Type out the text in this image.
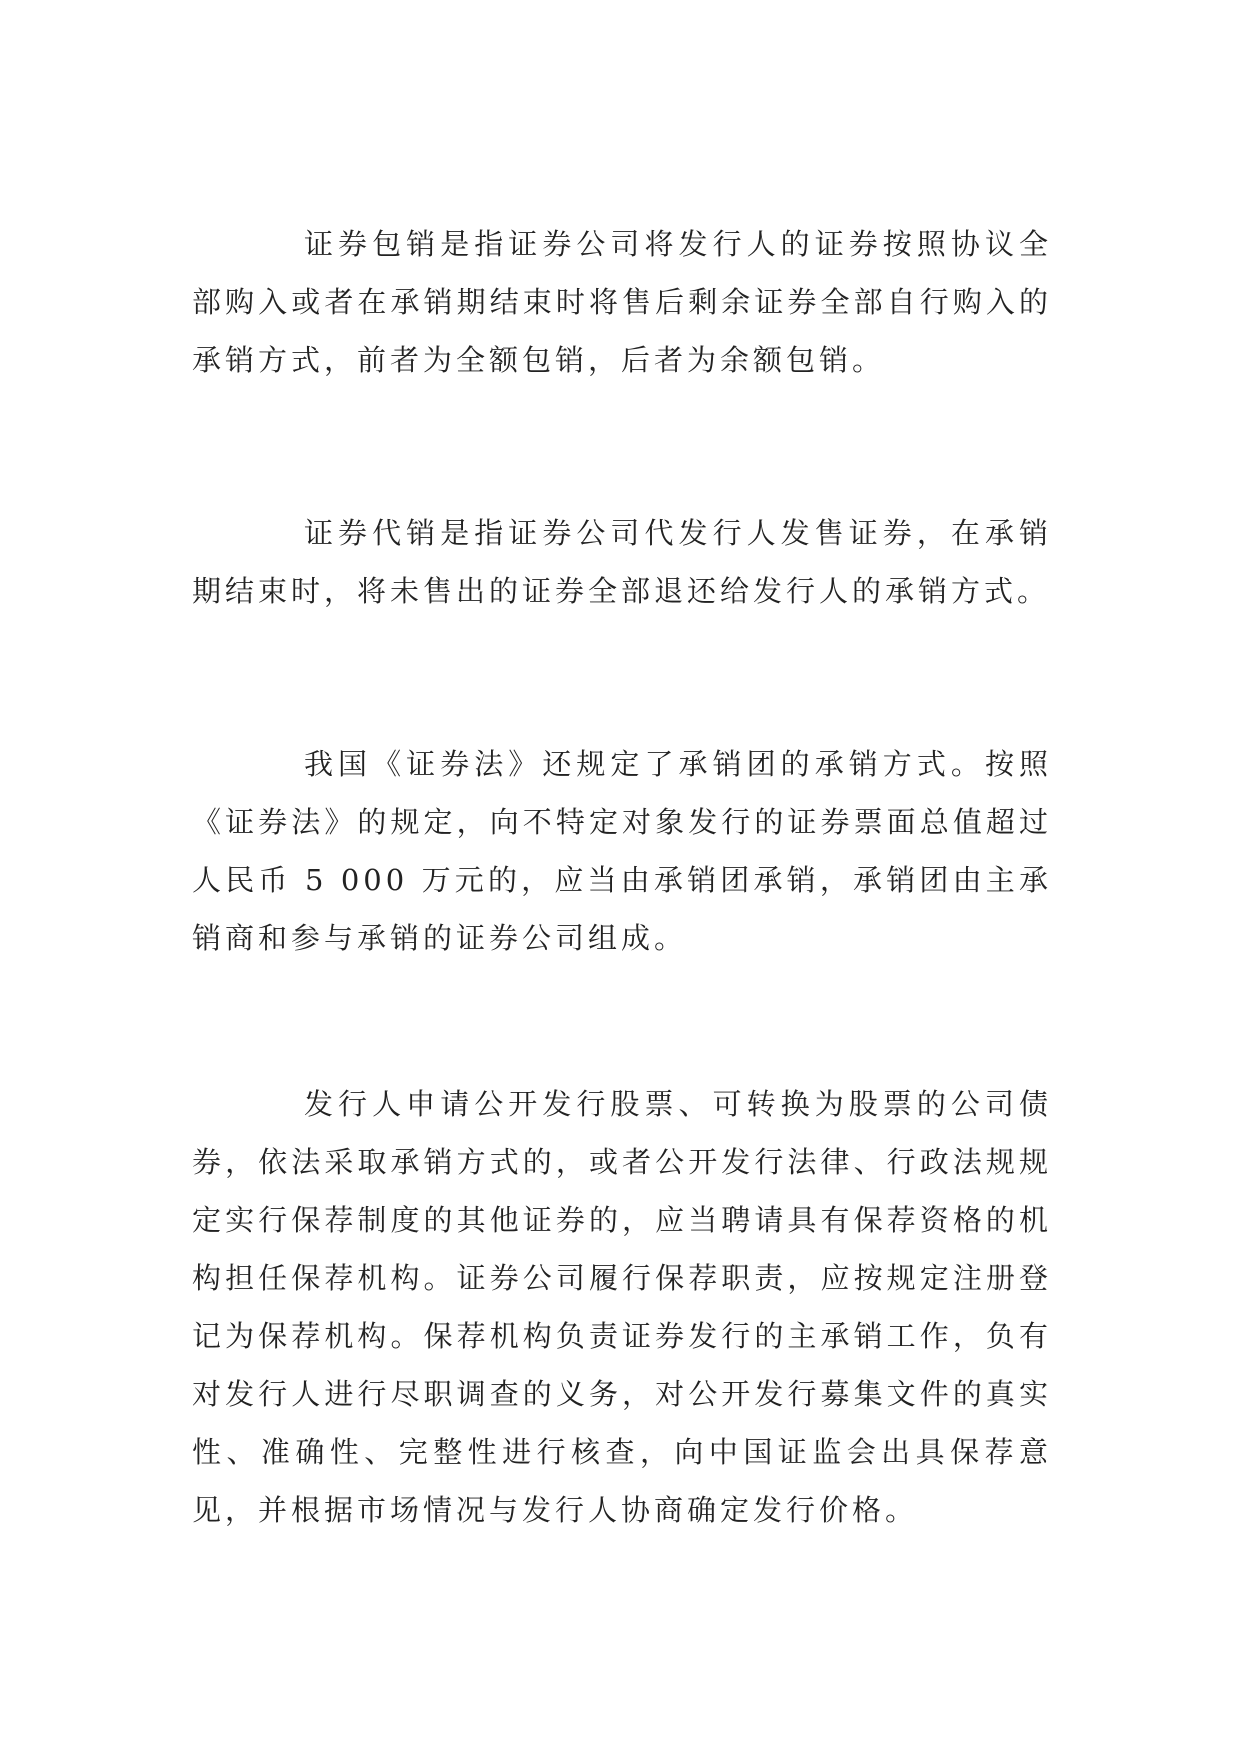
证券包销是指证券公司将发行人的证券按照协议全部购入或者在承销期结束时将售后剩余证券全部自行购入的承销方式，前者为全额包销，后者为余额包销。

证券代销是指证券公司代发行人发售证券，在承销期结束时，将未售出的证券全部退还给发行人的承销方式。

我国《证券法》还规定了承销团的承销方式。按照《证券法》的规定，向不特定对象发行的证券票面总值超过人民币 5 000 万元的，应当由承销团承销，承销团由主承销商和参与承销的证券公司组成。

发行人申请公开发行股票、可转换为股票的公司债券，依法采取承销方式的，或者公开发行法律、行政法规规定实行保荐制度的其他证券的，应当聘请具有保荐资格的机构担任保荐机构。证券公司履行保荐职责，应按规定注册登记为保荐机构。保荐机构负责证券发行的主承销工作，负有对发行人进行尽职调查的义务，对公开发行募集文件的真实性、准确性、完整性进行核查，向中国证监会出具保荐意见，并根据市场情况与发行人协商确定发行价格。
